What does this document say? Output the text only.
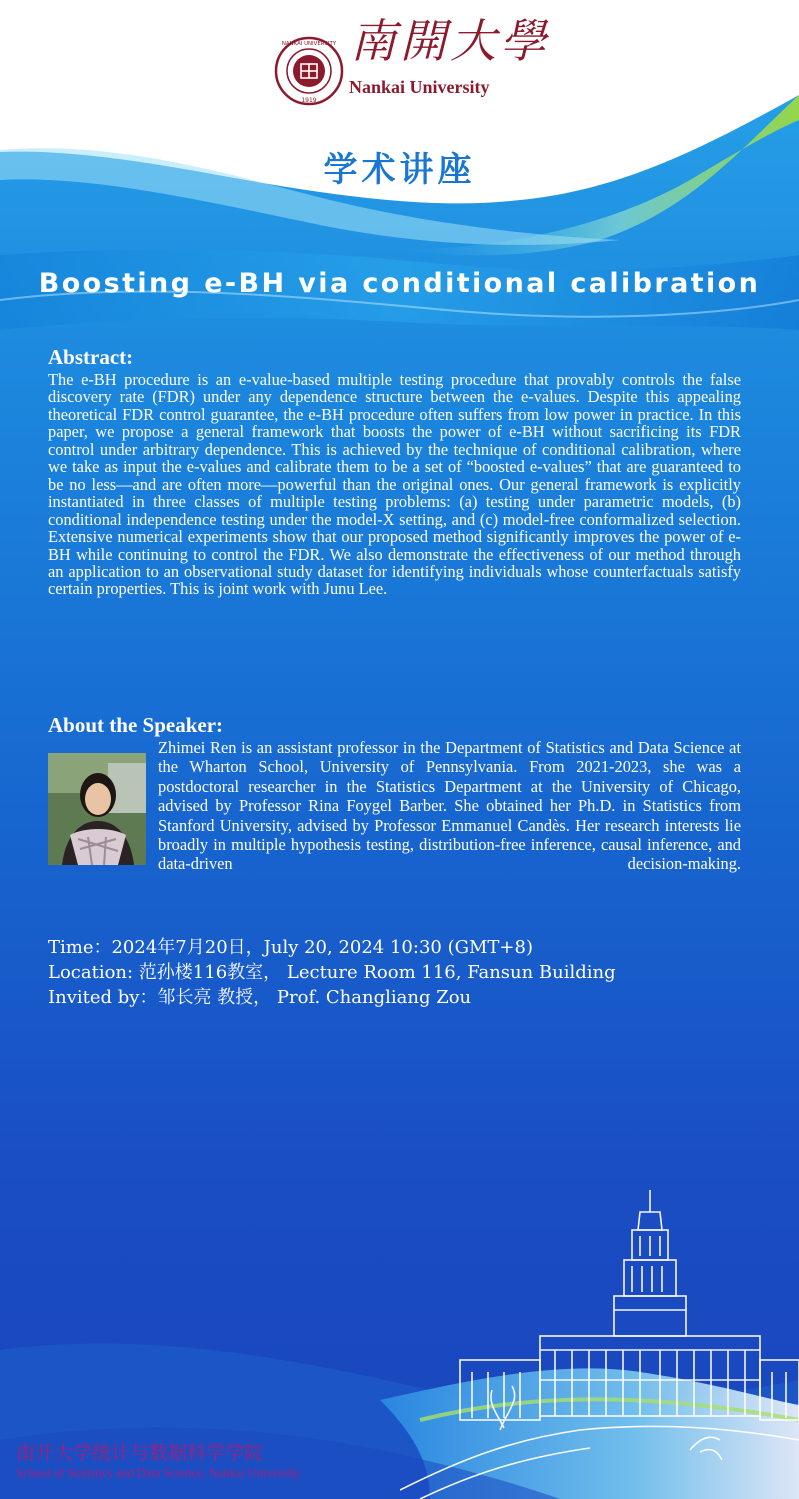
NANKAI UNIVERSITY
1919
南開大學
Nankai University
学术讲座
Boosting e-BH via conditional calibration
Abstract:
The e-BH procedure is an e-value-based multiple testing procedure that provably controls the false discovery rate (FDR) under any dependence structure between the e-values. Despite this appealing theoretical FDR control guarantee, the e-BH procedure often suffers from low power in practice. In this paper, we propose a general framework that boosts the power of e-BH without sacrificing its FDR control under arbitrary dependence. This is achieved by the technique of conditional calibration, where we take as input the e-values and calibrate them to be a set of “boosted e-values” that are guaranteed to be no less—and are often more—powerful than the original ones. Our general framework is explicitly instantiated in three classes of multiple testing problems: (a) testing under parametric models, (b) conditional independence testing under the model-X setting, and (c) model-free conformalized selection. Extensive numerical experiments show that our proposed method significantly improves the power of e-BH while continuing to control the FDR. We also demonstrate the effectiveness of our method through an application to an observational study dataset for identifying individuals whose counterfactuals satisfy certain properties. This is joint work with Junu Lee.
About the Speaker:
Zhimei Ren is an assistant professor in the Department of Statistics and Data Science at the Wharton School, University of Pennsylvania. From 2021-2023, she was a postdoctoral researcher in the Statistics Department at the University of Chicago, advised by Professor Rina Foygel Barber. She obtained her Ph.D. in Statistics from Stanford University, advised by Professor Emmanuel Candès. Her research interests lie broadly in multiple hypothesis testing, distribution-free inference, causal inference, and data-driven decision-making.
Time：2024年7月20日，July 20, 2024 10:30 (GMT+8)
Location: 范孙楼116教室， Lecture Room 116, Fansun Building
Invited by：邹长亮 教授， Prof. Changliang Zou
南开大学统计与数据科学学院
School of Statistics and Data Science, Nankai University
